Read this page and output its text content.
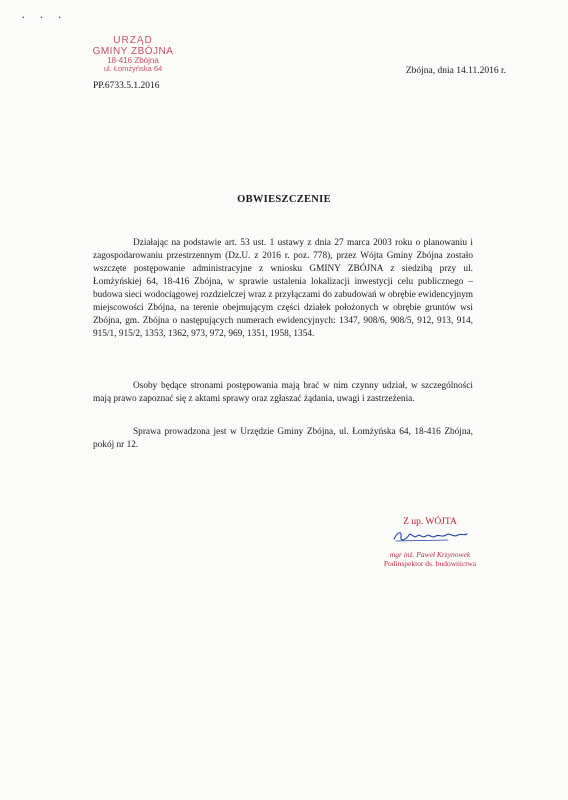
• • •
URZĄD
GMINY ZBÓJNA
18-416 Zbójna
ul. Łomżyńska 64
PP.6733.5.1.2016
Zbójna, dnia 14.11.2016 r.
OBWIESZCZENIE

Działając na podstawie art. 53 ust. 1 ustawy z dnia 27 marca 2003 roku o planowaniu i zagospodarowaniu przestrzennym (Dz.U. z 2016 r. poz. 778), przez Wójta Gminy Zbójna zostało wszczęte postępowanie administracyjne z wniosku GMINY ZBÓJNA z siedzibą przy ul. Łomżyńskiej 64, 18-416 Zbójna, w sprawie ustalenia lokalizacji inwestycji celu publicznego – budowa sieci wodociągowej rozdzielczej wraz z przyłączami do zabudowań w obrębie ewidencyjnym miejscowości Zbójna, na terenie obejmującym części działek położonych w obrębie gruntów wsi Zbójna, gm. Zbójna o następujących numerach ewidencyjnych: 1347, 908/6, 908/5, 912, 913, 914, 915/1, 915/2, 1353, 1362, 973, 972, 969, 1351, 1958, 1354.

Osoby będące stronami postępowania mają brać w nim czynny udział, w szczególności mają prawo zapoznać się z aktami sprawy oraz zgłaszać żądania, uwagi i zastrzeżenia.

Sprawa prowadzona jest w Urzędzie Gminy Zbójna, ul. Łomżyńska 64, 18-416 Zbójna, pokój nr 12.

Z up. WÓJTA
mgr inż. Paweł Krzynowek
Podinspektor ds. budownictwa
